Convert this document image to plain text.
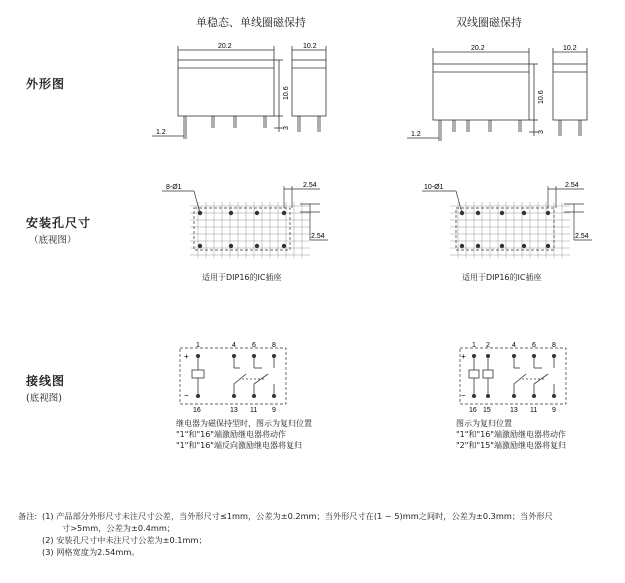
单稳态、单线圈磁保持	双线圈磁保持
外形图
安装孔尺寸
（底视图）
接线图
(底视图)
20.2	10.2
10.6
3
1.2
20.2	10.2
10.6
3
1.2
8-Ø1	2.54
2.54
适用于DIP16的IC插座
10-Ø1	2.54
2.54
适用于DIP16的IC插座
1	4 6 8
16	13 11 9
+
−
继电器为磁保持型时，图示为复归位置
"1"和"16"端激励继电器将动作
"1"和"16"端反向激励继电器将复归
1 2	4 6 8
16 15	13 11 9
+
−
图示为复归位置
"1"和"16"端激励继电器将动作
"2"和"15"端激励继电器将复归
备注: (1) 产品部分外形尺寸未注尺寸公差，当外形尺寸≤1mm，公差为±0.2mm；当外形尺寸在(1 ~ 5)mm之间时，公差为±0.3mm；当外形尺
寸>5mm，公差为±0.4mm；
(2) 安装孔尺寸中未注尺寸公差为±0.1mm；
(3) 网格宽度为2.54mm。
